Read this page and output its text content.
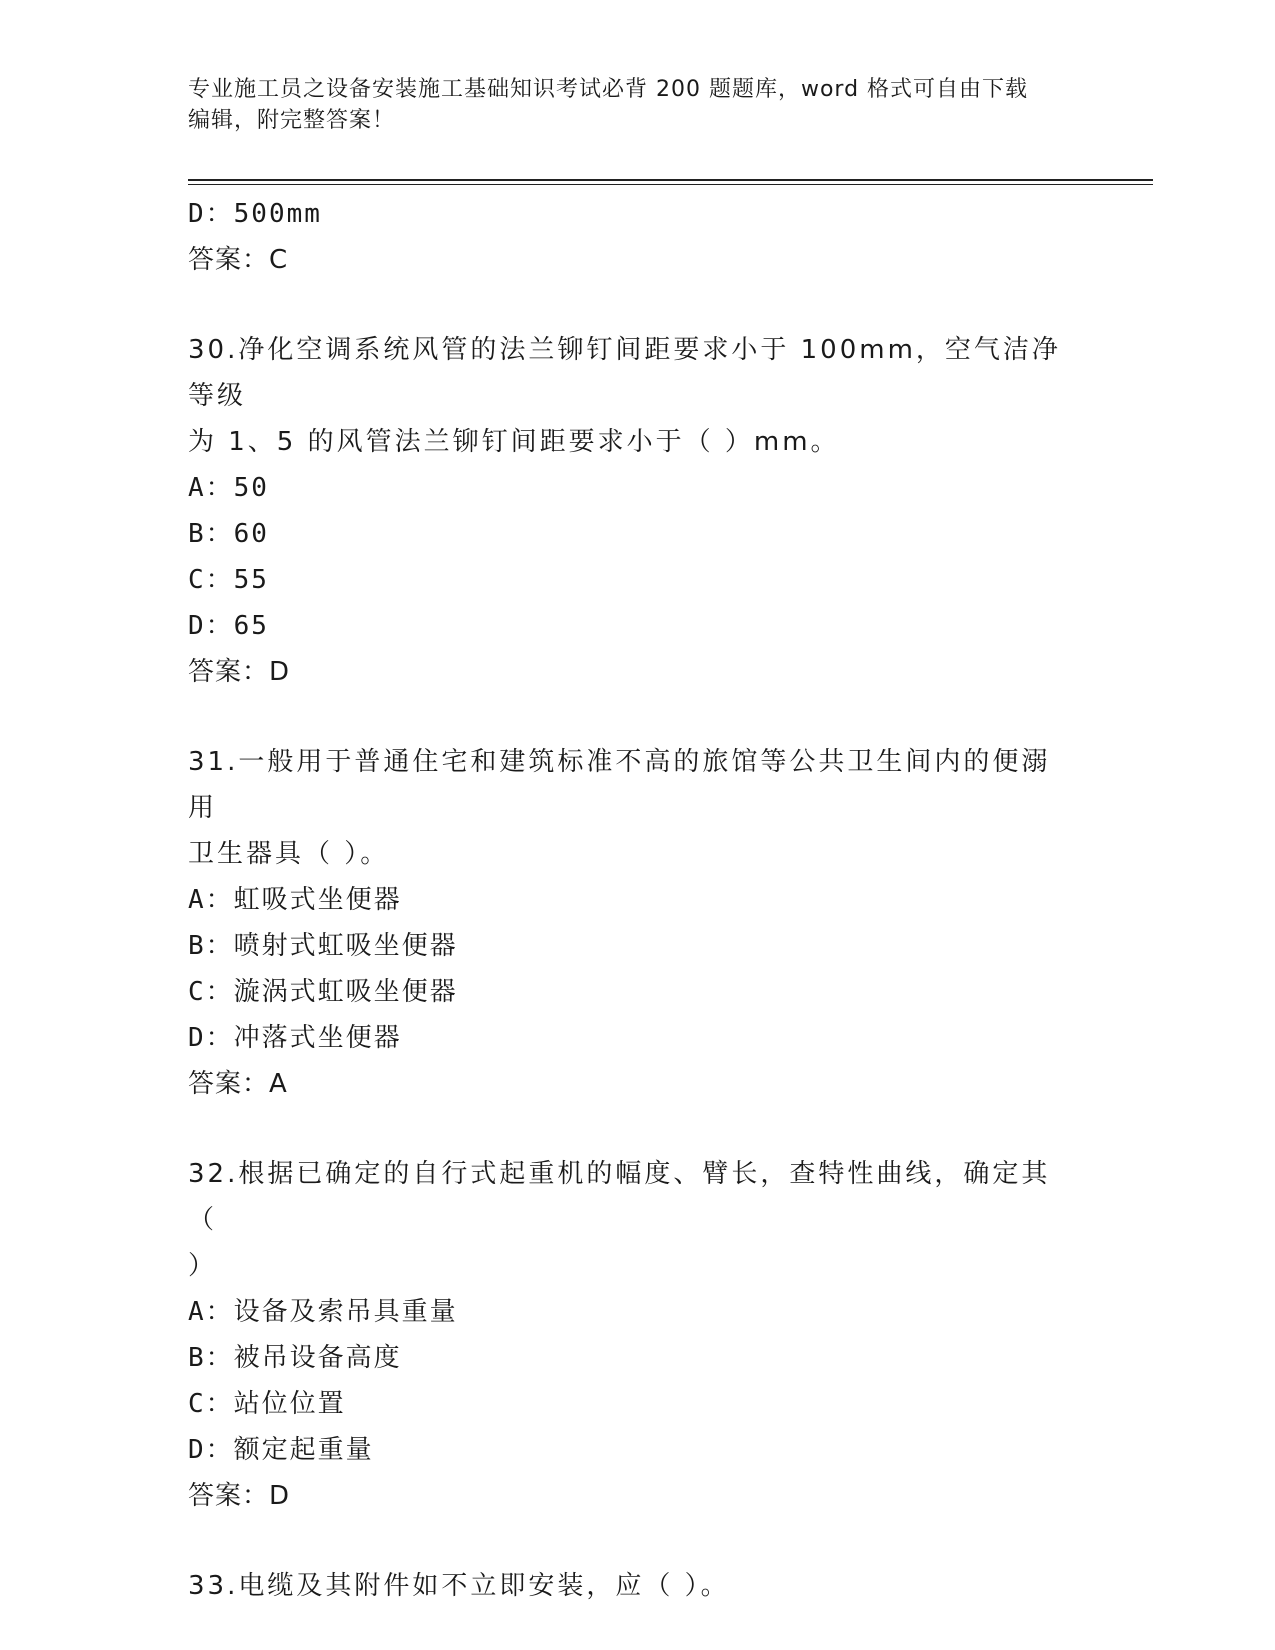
专业施工员之设备安装施工基础知识考试必背 200 题题库，word 格式可自由下载
编辑，附完整答案！
D：500mm
答案：C
30.净化空调系统风管的法兰铆钉间距要求小于 100mm，空气洁净等级
为 1、5 的风管法兰铆钉间距要求小于（ ）mm。
A：50
B：60
C：55
D：65
答案：D
31.一般用于普通住宅和建筑标准不高的旅馆等公共卫生间内的便溺用
卫生器具（ ）。
A：虹吸式坐便器
B：喷射式虹吸坐便器
C：漩涡式虹吸坐便器
D：冲落式坐便器
答案：A
32.根据已确定的自行式起重机的幅度、臂长，查特性曲线，确定其（
）
A：设备及索吊具重量
B：被吊设备高度
C：站位位置
D：额定起重量
答案：D
33.电缆及其附件如不立即安装，应（ ）。
